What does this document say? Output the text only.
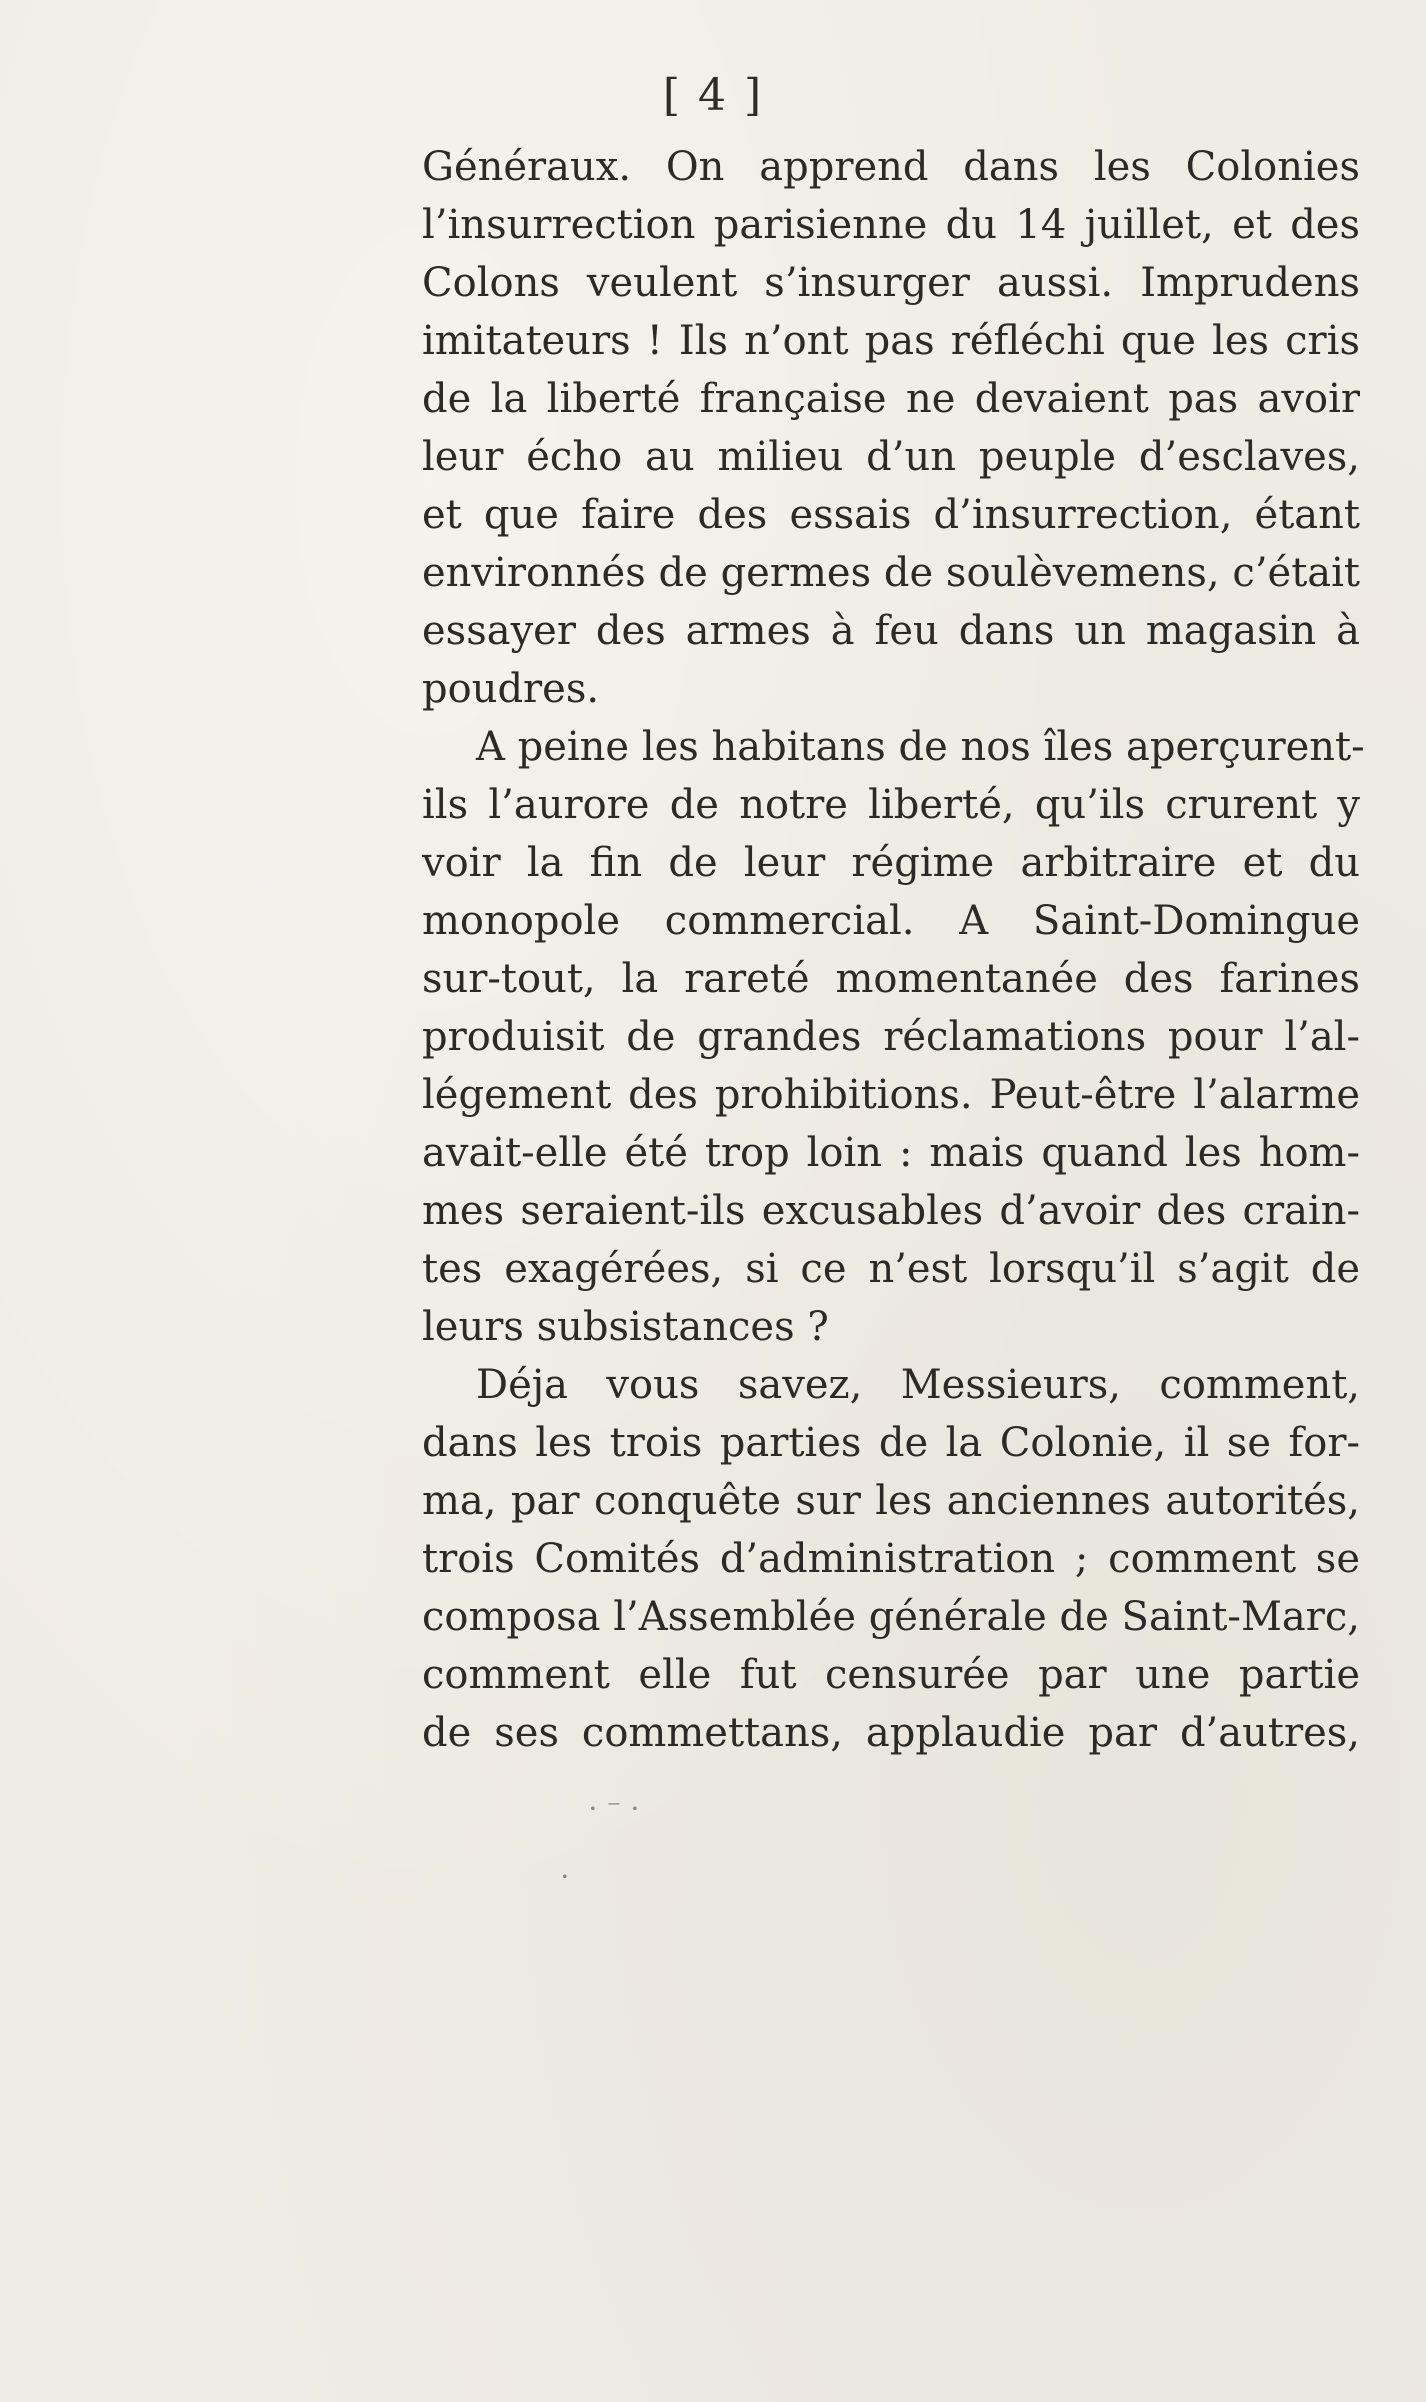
[ 4 ]
Généraux. On apprend dans les Colonies
l’insurrection parisienne du 14 juillet, et des
Colons veulent s’insurger aussi. Imprudens
imitateurs ! Ils n’ont pas réfléchi que les cris
de la liberté française ne devaient pas avoir
leur écho au milieu d’un peuple d’esclaves,
et que faire des essais d’insurrection, étant
environnés de germes de soulèvemens, c’était
essayer des armes à feu dans un magasin à
poudres.
A peine les habitans de nos îles aperçurent-
ils l’aurore de notre liberté, qu’ils crurent y
voir la fin de leur régime arbitraire et du
monopole commercial. A Saint-Domingue
sur-tout, la rareté momentanée des farines
produisit de grandes réclamations pour l’al-
légement des prohibitions. Peut-être l’alarme
avait-elle été trop loin : mais quand les hom-
mes seraient-ils excusables d’avoir des crain-
tes exagérées, si ce n’est lorsqu’il s’agit de
leurs subsistances ?
Déja vous savez, Messieurs, comment,
dans les trois parties de la Colonie, il se for-
ma, par conquête sur les anciennes autorités,
trois Comités d’administration ; comment se
composa l’Assemblée générale de Saint-Marc,
comment elle fut censurée par une partie
de ses commettans, applaudie par d’autres,
⋅ ⁻ ⋅
⋅
